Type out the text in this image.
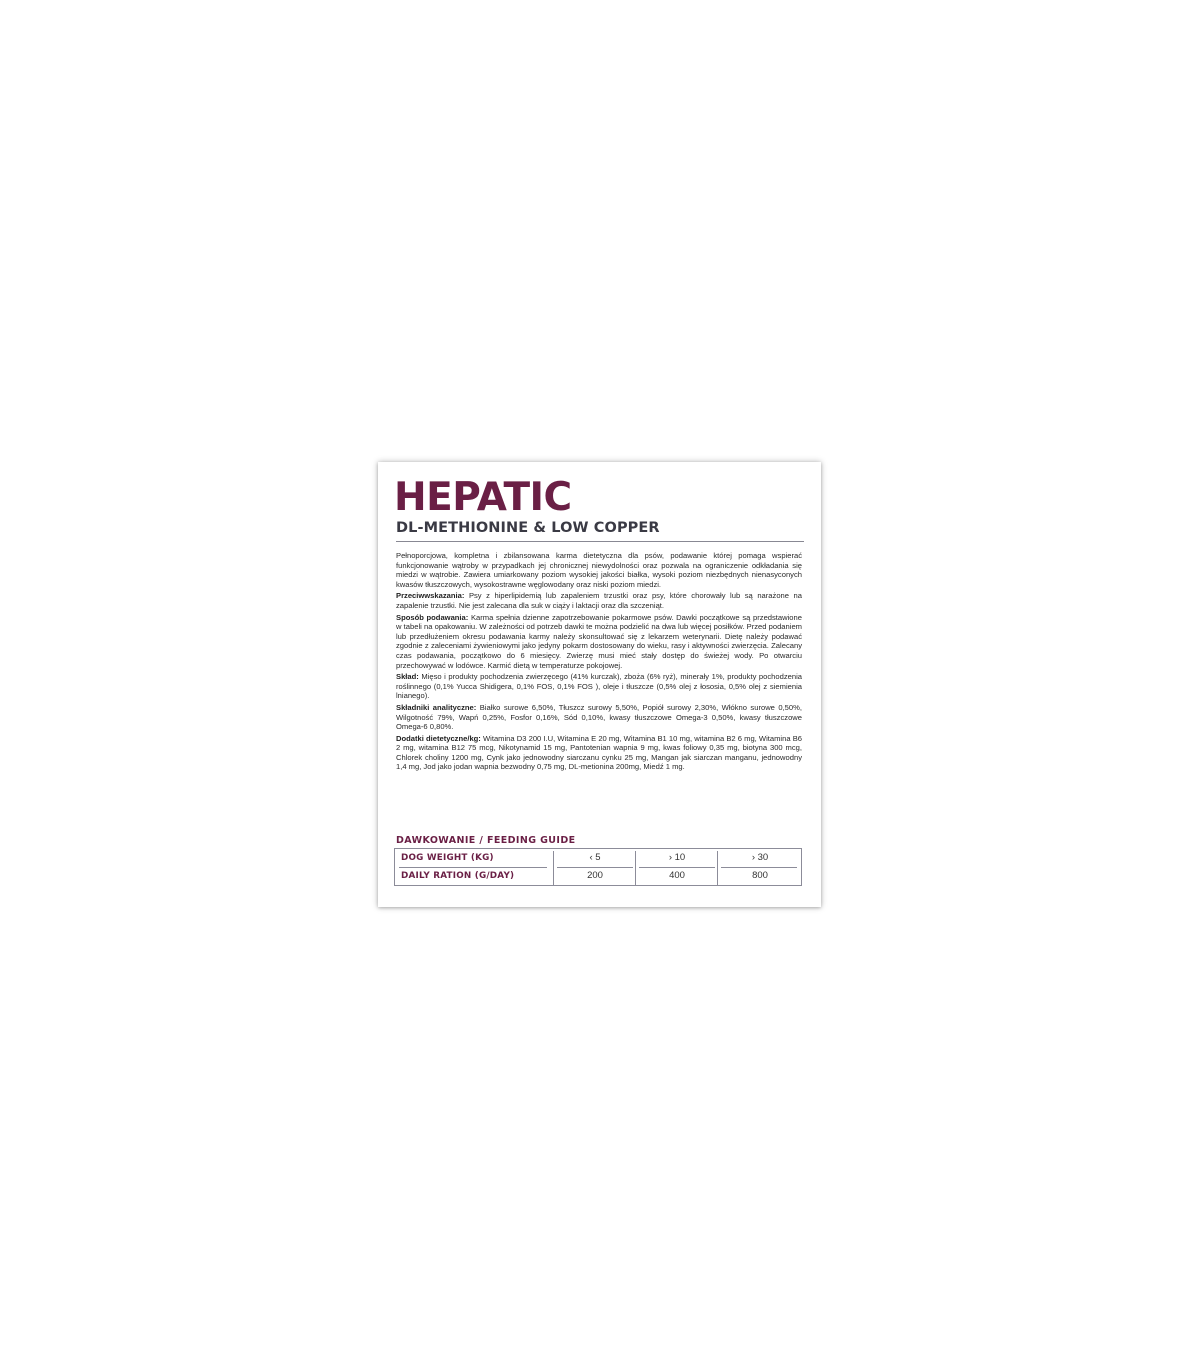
HEPATIC
DL-METHIONINE & LOW COPPER

Pełnoporcjowa, kompletna i zbilansowana karma dietetyczna dla psów, podawanie której pomaga wspierać funkcjonowanie wątroby w przypadkach jej chronicznej niewydolności oraz pozwala na ograniczenie odkładania się miedzi w wątrobie. Zawiera umiarkowany poziom wysokiej jakości białka, wysoki poziom niezbędnych nienasyconych kwasów tłuszczowych, wysokostrawne węglowodany oraz niski poziom miedzi.

Przeciwwskazania: Psy z hiperlipidemią lub zapaleniem trzustki oraz psy, które chorowały lub są narażone na zapalenie trzustki. Nie jest zalecana dla suk w ciąży i laktacji oraz dla szczeniąt.

Sposób podawania: Karma spełnia dzienne zapotrzebowanie pokarmowe psów. Dawki początkowe są przedstawione w tabeli na opakowaniu. W zależności od potrzeb dawki te można podzielić na dwa lub więcej posiłków. Przed podaniem lub przedłużeniem okresu podawania karmy należy skonsultować się z lekarzem weterynarii. Dietę należy podawać zgodnie z zaleceniami żywieniowymi jako jedyny pokarm dostosowany do wieku, rasy i aktywności zwierzęcia. Zalecany czas podawania, początkowo do 6 miesięcy. Zwierzę musi mieć stały dostęp do świeżej wody. Po otwarciu przechowywać w lodówce. Karmić dietą w temperaturze pokojowej.

Skład: Mięso i produkty pochodzenia zwierzęcego (41% kurczak), zboża (6% ryż), minerały 1%, produkty pochodzenia roślinnego (0,1% Yucca Shidigera, 0,1% FOS, 0,1% FOS ), oleje i tłuszcze (0,5% olej z łososia, 0,5% olej z siemienia lnianego).

Składniki analityczne: Białko surowe 6,50%, Tłuszcz surowy 5,50%, Popiół surowy 2,30%, Włókno surowe 0,50%, Wilgotność 79%, Wapń 0,25%, Fosfor 0,16%, Sód 0,10%, kwasy tłuszczowe Omega-3 0,50%, kwasy tłuszczowe Omega-6 0,80%.

Dodatki dietetyczne/kg: Witamina D3 200 I.U, Witamina E 20 mg, Witamina B1 10 mg, witamina B2 6 mg, Witamina B6 2 mg, witamina B12 75 mcg, Nikotynamid 15 mg, Pantotenian wapnia 9 mg, kwas foliowy 0,35 mg, biotyna 300 mcg, Chlorek choliny 1200 mg, Cynk jako jednowodny siarczanu cynku 25 mg, Mangan jak siarczan manganu, jednowodny 1,4 mg, Jod jako jodan wapnia bezwodny 0,75 mg, DL-metionina 200mg, Miedź 1 mg.

DAWKOWANIE / FEEDING GUIDE
DOG WEIGHT (KG)	‹ 5	› 10	› 30
DAILY RATION (G/DAY)	200	400	800
